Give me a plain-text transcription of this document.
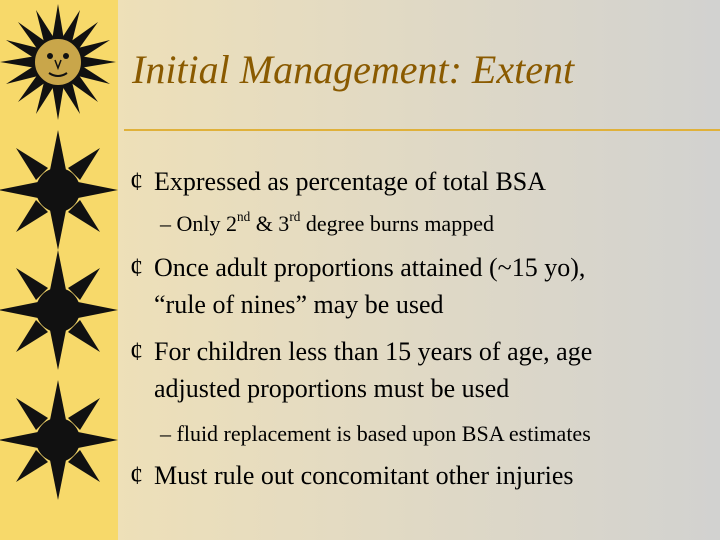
Initial Management: Extent
¢ Expressed as percentage of total BSA
– Only 2nd & 3rd degree burns mapped
¢ Once adult proportions attained (~15 yo),
“rule of nines” may be used
¢ For children less than 15 years of age, age
adjusted proportions must be used
– fluid replacement is based upon BSA estimates
¢ Must rule out concomitant other injuries
